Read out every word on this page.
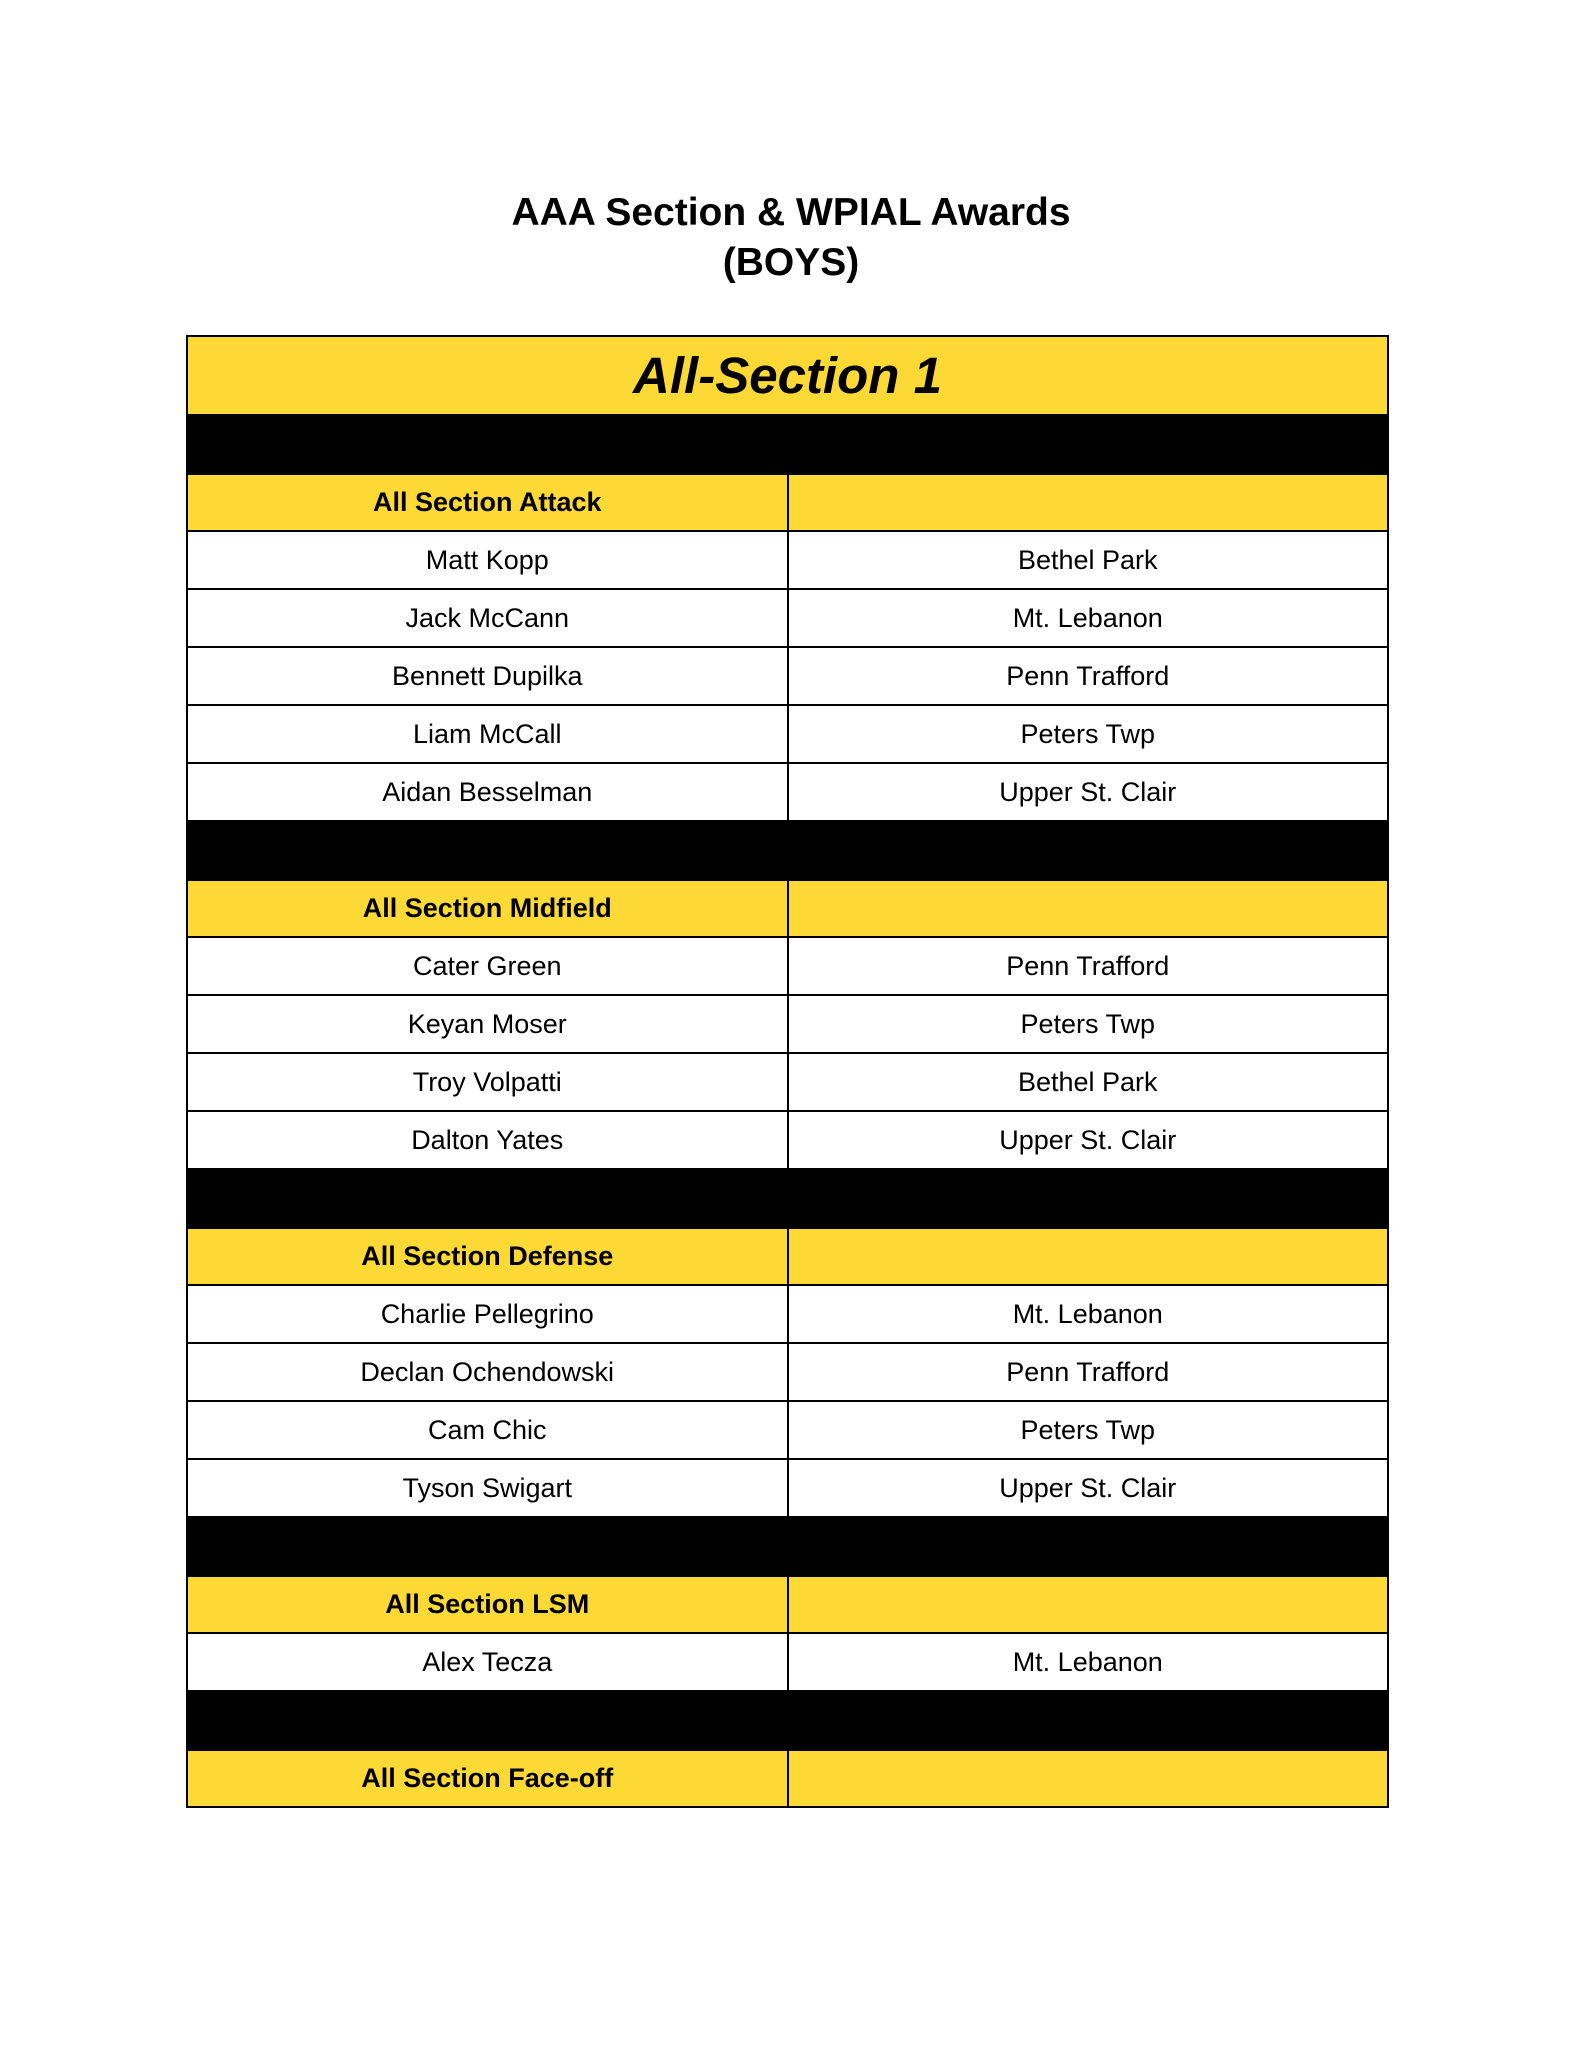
AAA Section & WPIAL Awards
(BOYS)
All-Section 1	

All Section Attack	
Matt Kopp	Bethel Park
Jack McCann	Mt. Lebanon
Bennett Dupilka	Penn Trafford
Liam McCall	Peters Twp
Aidan Besselman	Upper St. Clair

All Section Midfield	
Cater Green	Penn Trafford
Keyan Moser	Peters Twp
Troy Volpatti	Bethel Park
Dalton Yates	Upper St. Clair

All Section Defense	
Charlie Pellegrino	Mt. Lebanon
Declan Ochendowski	Penn Trafford
Cam Chic	Peters Twp
Tyson Swigart	Upper St. Clair

All Section LSM	
Alex Tecza	Mt. Lebanon

All Section Face-off	
